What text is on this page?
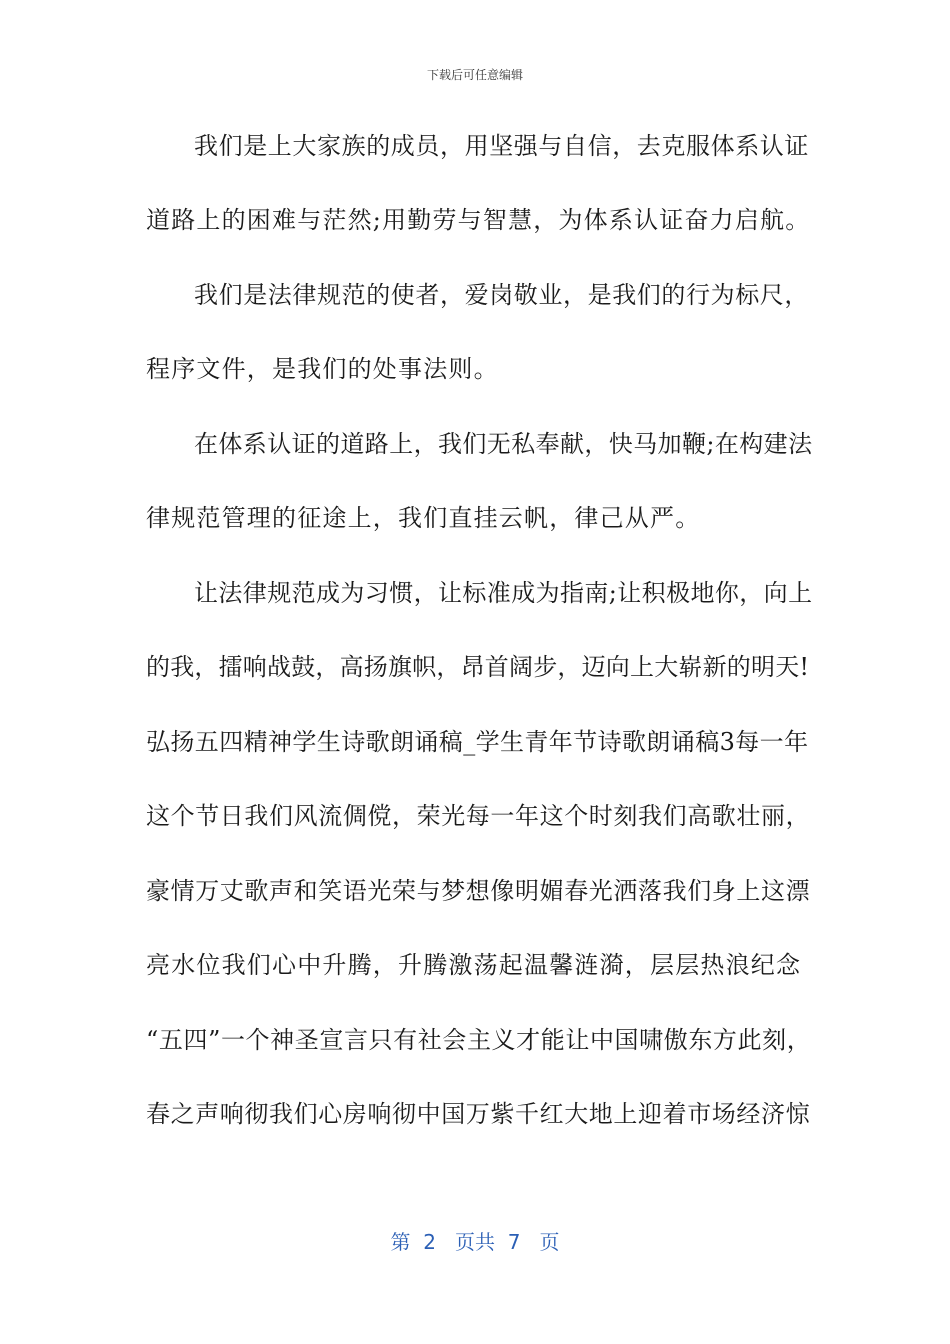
下载后可任意编辑
我们是上大家族的成员，用坚强与自信，去克服体系认证
道路上的困难与茫然;用勤劳与智慧，为体系认证奋力启航。
我们是法律规范的使者，爱岗敬业，是我们的行为标尺，
程序文件，是我们的处事法则。
在体系认证的道路上，我们无私奉献，快马加鞭;在构建法
律规范管理的征途上，我们直挂云帆，律己从严。
让法律规范成为习惯，让标准成为指南;让积极地你，向上
的我，擂响战鼓，高扬旗帜，昂首阔步，迈向上大崭新的明天!
弘扬五四精神学生诗歌朗诵稿_学生青年节诗歌朗诵稿3每一年
这个节日我们风流倜傥，荣光每一年这个时刻我们高歌壮丽，
豪情万丈歌声和笑语光荣与梦想像明媚春光洒落我们身上这漂
亮水位我们心中升腾，升腾激荡起温馨涟漪，层层热浪纪念
“五四”一个神圣宣言只有社会主义才能让中国啸傲东方此刻，
春之声响彻我们心房响彻中国万紫千红大地上迎着市场经济惊
第  2   页共  7   页
